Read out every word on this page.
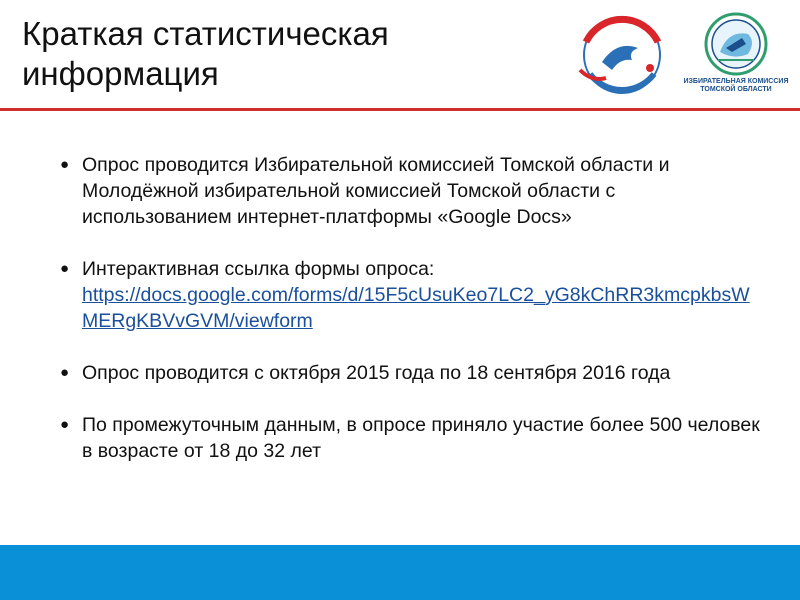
Краткая статистическая информация	ИЗБИРАТЕЛЬНАЯ КОМИССИЯ
ТОМСКОЙ ОБЛАСТИ
● Опрос проводится Избирательной комиссией Томской области и Молодёжной избирательной комиссией Томской области с использованием интернет-платформы «Google Docs»
● Интерактивная ссылка формы опроса:
https://docs.google.com/forms/d/15F5cUsuKeo7LC2_yG8kChRR3kmcpkbsWMERgKBVvGVM/viewform
● Опрос проводится с октября 2015 года по 18 сентября 2016 года
● По промежуточным данным, в опросе приняло участие более 500 человек в возрасте от 18 до 32 лет
